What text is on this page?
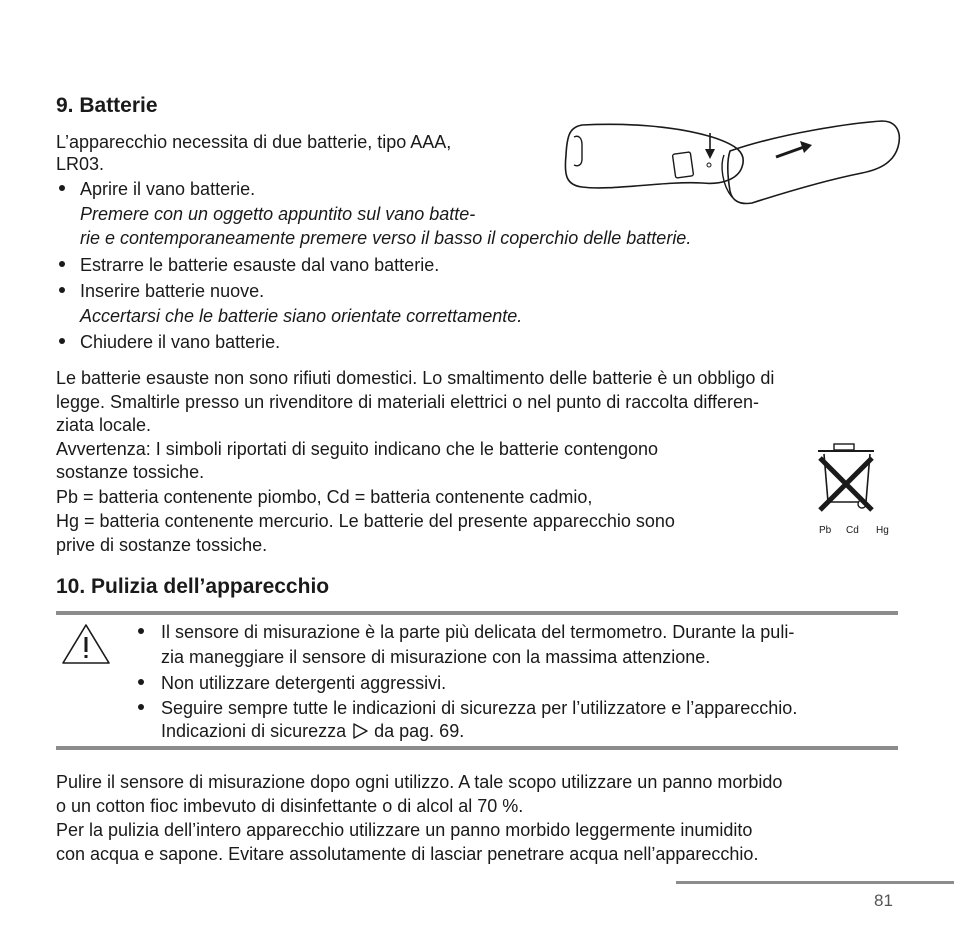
9. Batterie
L’apparecchio necessita di due batterie, tipo AAA,
LR03.
Aprire il vano batterie.
Premere con un oggetto appuntito sul vano batte-
rie e contemporaneamente premere verso il basso il coperchio delle batterie.
Estrarre le batterie esauste dal vano batterie.
Inserire batterie nuove.
Accertarsi che le batterie siano orientate correttamente.
Chiudere il vano batterie.
Le batterie esauste non sono rifiuti domestici. Lo smaltimento delle batterie è un obbligo di
legge. Smaltirle presso un rivenditore di materiali elettrici o nel punto di raccolta differen-
ziata locale.
Avvertenza: I simboli riportati di seguito indicano che le batterie contengono
sostanze tossiche.
Pb = batteria contenente piombo, Cd = batteria contenente cadmio,
Hg = batteria contenente mercurio. Le batterie del presente apparecchio sono
prive di sostanze tossiche.
Pb Cd Hg
10. Pulizia dell’apparecchio
Il sensore di misurazione è la parte più delicata del termometro. Durante la puli-
zia maneggiare il sensore di misurazione con la massima attenzione.
Non utilizzare detergenti aggressivi.
Seguire sempre tutte le indicazioni di sicurezza per l’utilizzatore e l’apparecchio.
Indicazioni di sicurezza da pag. 69.
Pulire il sensore di misurazione dopo ogni utilizzo. A tale scopo utilizzare un panno morbido
o un cotton fioc imbevuto di disinfettante o di alcol al 70 %.
Per la pulizia dell’intero apparecchio utilizzare un panno morbido leggermente inumidito
con acqua e sapone. Evitare assolutamente di lasciar penetrare acqua nell’apparecchio.
81
